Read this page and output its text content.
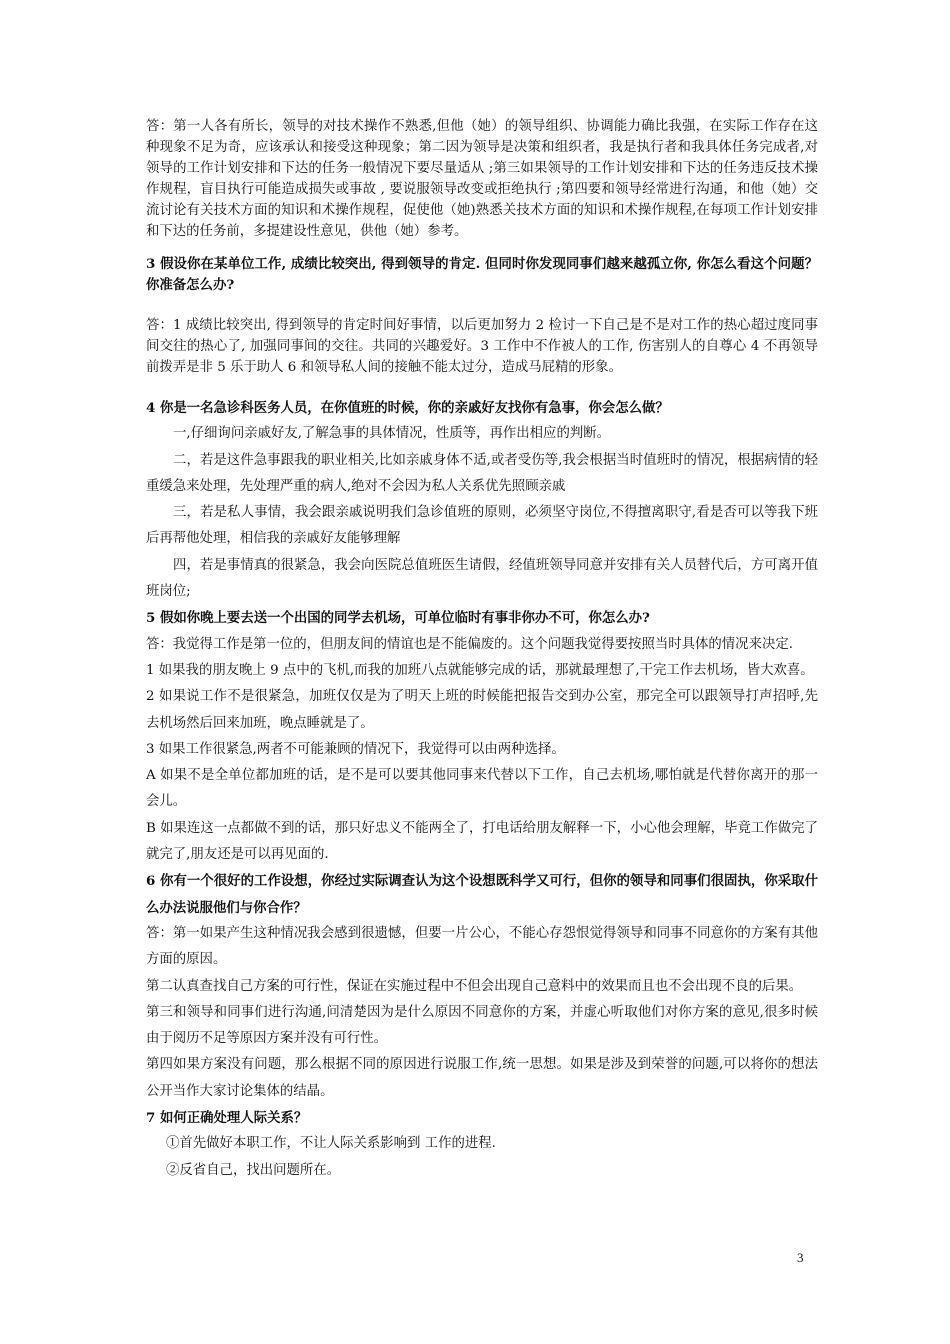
答：第一人各有所长，领导的对技术操作不熟悉,但他（她）的领导组织、协调能力确比我强，在实际工作存在这种现象不足为奇，应该承认和接受这种现象；第二因为领导是决策和组织者，我是执行者和我具体任务完成者,对领导的工作计划安排和下达的任务一般情况下要尽量适从 ;第三如果领导的工作计划安排和下达的任务违反技术操作规程，盲目执行可能造成损失或事故 , 要说服领导改变或拒绝执行 ;第四要和领导经常进行沟通，和他（她）交流讨论有关技术方面的知识和术操作规程，促使他（她)熟悉关技术方面的知识和术操作规程,在每项工作计划安排和下达的任务前，多提建设性意见，供他（她）参考。

3 假设你在某单位工作, 成绩比较突出, 得到领导的肯定. 但同时你发现同事们越来越孤立你, 你怎么看这个问题？你准备怎么办?

答：1 成绩比较突出, 得到领导的肯定时间好事情，以后更加努力 2 检讨一下自己是不是对工作的热心超过度同事间交往的热心了, 加强同事间的交往。共同的兴趣爱好。3 工作中不作被人的工作, 伤害别人的自尊心 4 不再领导前拨弄是非 5 乐于助人 6 和领导私人间的接触不能太过分，造成马屁精的形象。

4 你是一名急诊科医务人员，在你值班的时候，你的亲戚好友找你有急事，你会怎么做？

一,仔细询问亲戚好友,了解急事的具体情况，性质等，再作出相应的判断。

二，若是这件急事跟我的职业相关,比如亲戚身体不适,或者受伤等,我会根据当时值班时的情况，根据病情的轻重缓急来处理，先处理严重的病人,绝对不会因为私人关系优先照顾亲戚

三，若是私人事情，我会跟亲戚说明我们急诊值班的原则，必须坚守岗位,不得擅离职守,看是否可以等我下班后再帮他处理，相信我的亲戚好友能够理解

四，若是事情真的很紧急，我会向医院总值班医生请假，经值班领导同意并安排有关人员替代后，方可离开值班岗位;

5 假如你晚上要去送一个出国的同学去机场，可单位临时有事非你办不可，你怎么办?

答：我觉得工作是第一位的，但朋友间的情谊也是不能偏废的。这个问题我觉得要按照当时具体的情况来决定.

1 如果我的朋友晚上 9 点中的飞机,而我的加班八点就能够完成的话，那就最理想了,干完工作去机场，皆大欢喜。

2 如果说工作不是很紧急，加班仅仅是为了明天上班的时候能把报告交到办公室，那完全可以跟领导打声招呼,先去机场然后回来加班，晚点睡就是了。

3 如果工作很紧急,两者不可能兼顾的情况下，我觉得可以由两种选择。

A 如果不是全单位都加班的话，是不是可以要其他同事来代替以下工作，自己去机场,哪怕就是代替你离开的那一会儿。

B 如果连这一点都做不到的话，那只好忠义不能两全了，打电话给朋友解释一下，小心他会理解，毕竟工作做完了就完了,朋友还是可以再见面的.

6 你有一个很好的工作设想，你经过实际调查认为这个设想既科学又可行，但你的领导和同事们很固执，你采取什么办法说服他们与你合作？

答：第一如果产生这种情况我会感到很遗憾，但要一片公心，不能心存怨恨觉得领导和同事不同意你的方案有其他方面的原因。

第二认真查找自己方案的可行性，保证在实施过程中不但会出现自己意料中的效果而且也不会出现不良的后果。

第三和领导和同事们进行沟通,问清楚因为是什么原因不同意你的方案，并虚心听取他们对你方案的意见,很多时候由于阅历不足等原因方案并没有可行性。

第四如果方案没有问题，那么根据不同的原因进行说服工作,统一思想。如果是涉及到荣誉的问题,可以将你的想法公开当作大家讨论集体的结晶。

7 如何正确处理人际关系？

①首先做好本职工作，不让人际关系影响到 工作的进程.

②反省自己，找出问题所在。

3
